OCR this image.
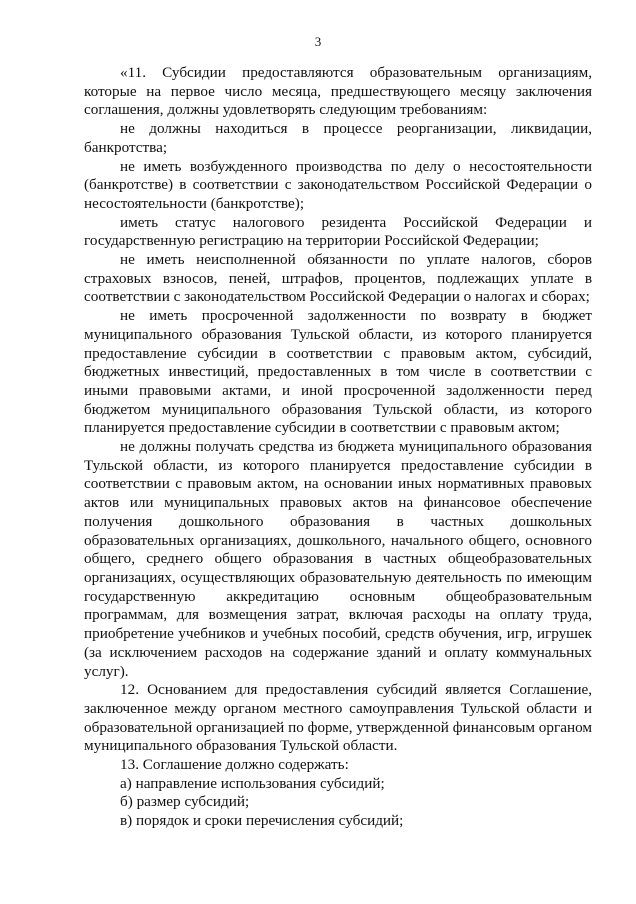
3

«11. Субсидии предоставляются образовательным организациям, которые на первое число месяца, предшествующего месяцу заключения соглашения, должны удовлетворять следующим требованиям:

не должны находиться в процессе реорганизации, ликвидации, банкротства;

не иметь возбужденного производства по делу о несостоятельности (банкротстве) в соответствии с законодательством Российской Федерации о несостоятельности (банкротстве);

иметь статус налогового резидента Российской Федерации и государственную регистрацию на территории Российской Федерации;

не иметь неисполненной обязанности по уплате налогов, сборов страховых взносов, пеней, штрафов, процентов, подлежащих уплате в соответствии с законодательством Российской Федерации о налогах и сборах;

не иметь просроченной задолженности по возврату в бюджет муниципального образования Тульской области, из которого планируется предоставление субсидии в соответствии с правовым актом, субсидий, бюджетных инвестиций, предоставленных в том числе в соответствии с иными правовыми актами, и иной просроченной задолженности перед бюджетом муниципального образования Тульской области, из которого планируется предоставление субсидии в соответствии с правовым актом;

не должны получать средства из бюджета муниципального образования Тульской области, из которого планируется предоставление субсидии в соответствии с правовым актом, на основании иных нормативных правовых актов или муниципальных правовых актов на финансовое обеспечение получения дошкольного образования в частных дошкольных образовательных организациях, дошкольного, начального общего, основного общего, среднего общего образования в частных общеобразовательных организациях, осуществляющих образовательную деятельность по имеющим государственную аккредитацию основным общеобразовательным программам, для возмещения затрат, включая расходы на оплату труда, приобретение учебников и учебных пособий, средств обучения, игр, игрушек (за исключением расходов на содержание зданий и оплату коммунальных услуг).

12. Основанием для предоставления субсидий является Соглашение, заключенное между органом местного самоуправления Тульской области и образовательной организацией по форме, утвержденной финансовым органом муниципального образования Тульской области.

13. Соглашение должно содержать:

а) направление использования субсидий;

б) размер субсидий;

в) порядок и сроки перечисления субсидий;
